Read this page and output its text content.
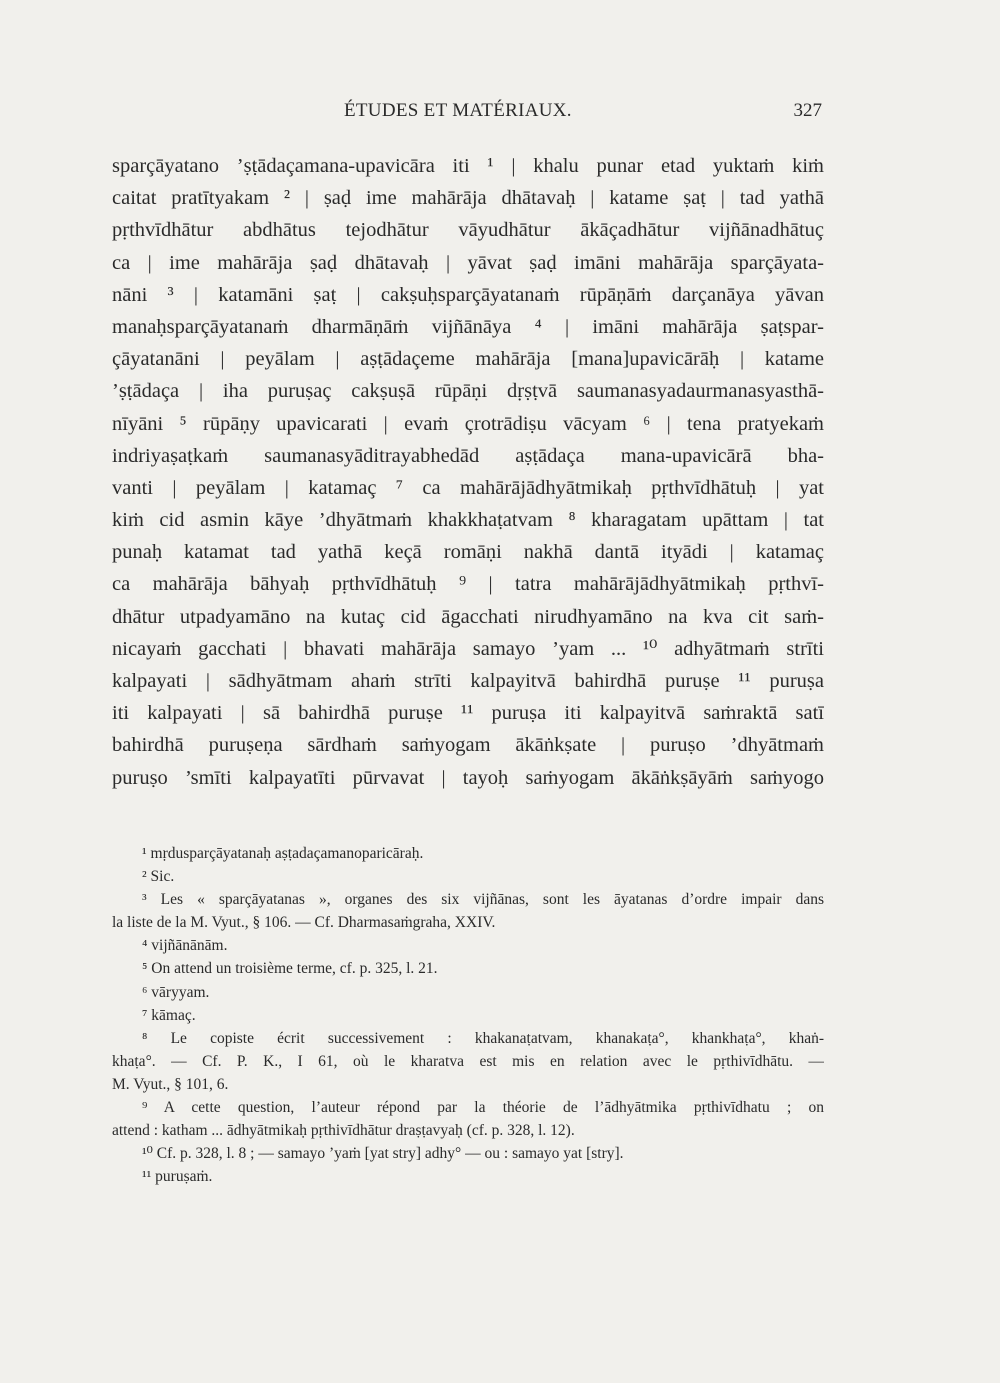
ÉTUDES ET MATÉRIAUX.	327
sparçāyatano ’ṣṭādaçamana-upavicāra iti ¹ | khalu punar etad yuktaṁ kiṁ
caitat pratītyakam ² | ṣaḍ ime mahārāja dhātavaḥ | katame ṣaṭ | tad yathā
pṛthvīdhātur abdhātus tejodhātur vāyudhātur ākāçadhātur vijñānadhātuç
ca | ime mahārāja ṣaḍ dhātavaḥ | yāvat ṣaḍ imāni mahārāja sparçāyata-
nāni ³ | katamāni ṣaṭ | cakṣuḥsparçāyatanaṁ rūpāṇāṁ darçanāya yāvan
manaḥsparçāyatanaṁ dharmāṇāṁ vijñānāya ⁴ | imāni mahārāja ṣaṭspar-
çāyatanāni | peyālam | aṣṭādaçeme mahārāja [mana]upavicārāḥ | katame
’ṣṭādaça | iha puruṣaç cakṣuṣā rūpāṇi dṛṣṭvā saumanasyadaurmanasyasthā-
nīyāni ⁵ rūpāṇy upavicarati | evaṁ çrotrādiṣu vācyam ⁶ | tena pratyekaṁ
indriyaṣaṭkaṁ saumanasyāditrayabhedād aṣṭādaça mana-upavicārā bha-
vanti | peyālam | katamaç ⁷ ca mahārājādhyātmikaḥ pṛthvīdhātuḥ | yat
kiṁ cid asmin kāye ’dhyātmaṁ khakkhaṭatvam ⁸ kharagatam upāttam | tat
punaḥ katamat tad yathā keçā romāṇi nakhā dantā ityādi | katamaç
ca mahārāja bāhyaḥ pṛthvīdhātuḥ ⁹ | tatra mahārājādhyātmikaḥ pṛthvī-
dhātur utpadyamāno na kutaç cid āgacchati nirudhyamāno na kva cit saṁ-
nicayaṁ gacchati | bhavati mahārāja samayo ’yam ... ¹⁰ adhyātmaṁ strīti
kalpayati | sādhyātmam ahaṁ strīti kalpayitvā bahirdhā puruṣe ¹¹ puruṣa
iti kalpayati | sā bahirdhā puruṣe ¹¹ puruṣa iti kalpayitvā saṁraktā satī
bahirdhā puruṣeṇa sārdhaṁ saṁyogam ākāṅkṣate | puruṣo ’dhyātmaṁ
puruṣo ’smīti kalpayatīti pūrvavat | tayoḥ saṁyogam ākāṅkṣāyāṁ saṁyogo
¹ mṛdusparçāyatanaḥ aṣṭadaçamanoparicāraḥ.
² Sic.
³ Les « sparçāyatanas », organes des six vijñānas, sont les āyatanas d’ordre impair dans
la liste de la M. Vyut., § 106. — Cf. Dharmasaṁgraha, XXIV.
⁴ vijñānānām.
⁵ On attend un troisième terme, cf. p. 325, l. 21.
⁶ vāryyam.
⁷ kāmaç.
⁸ Le copiste écrit successivement : khakanaṭatvam, khanakaṭa°, khankhaṭa°, khaṅ-
khaṭa°. — Cf. P. K., I 61, où le kharatva est mis en relation avec le pṛthivīdhātu. —
M. Vyut., § 101, 6.
⁹ A cette question, l’auteur répond par la théorie de l’ādhyātmika pṛthivīdhatu ; on
attend : katham ... ādhyātmikaḥ pṛthivīdhātur draṣṭavyaḥ (cf. p. 328, l. 12).
¹⁰ Cf. p. 328, l. 8 ; — samayo ’yaṁ [yat stry] adhy° — ou : samayo yat [stry].
¹¹ puruṣaṁ.
